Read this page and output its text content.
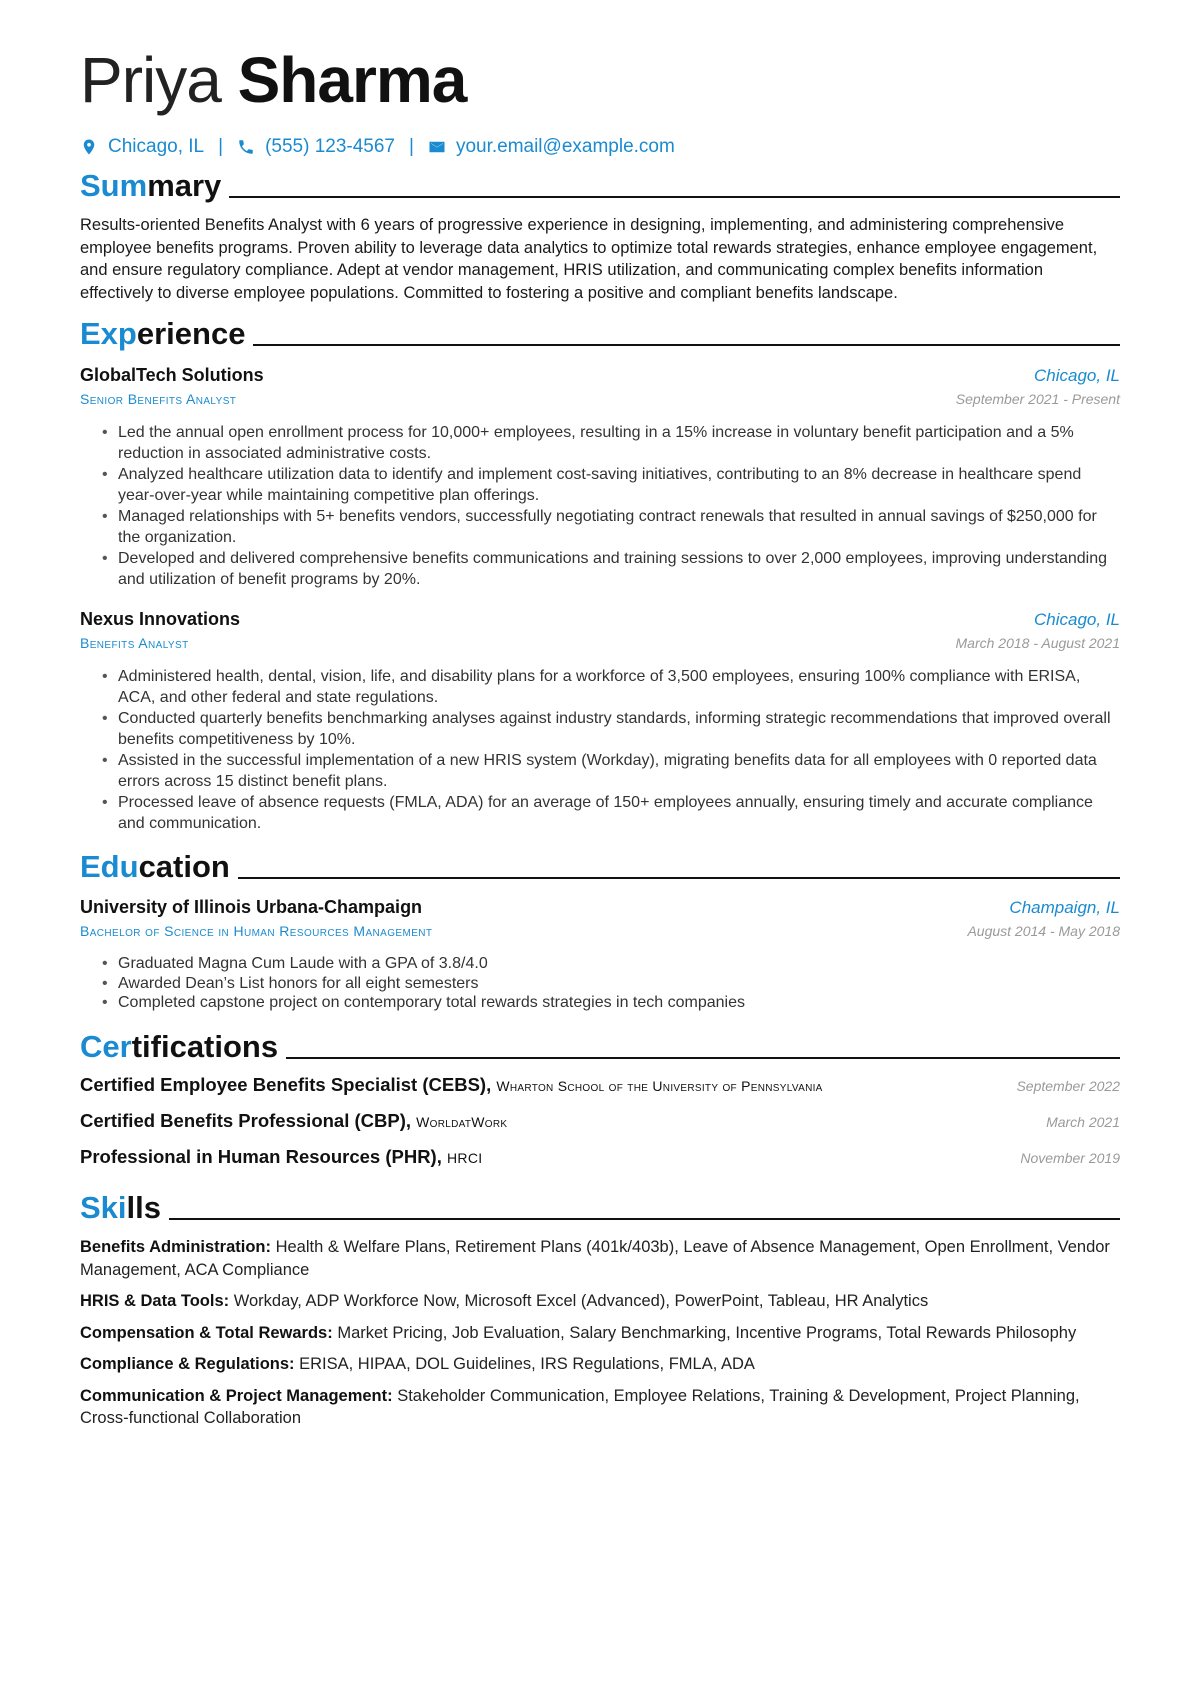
Priya Sharma
Chicago, IL | (555) 123-4567 | your.email@example.com
Summary
Results-oriented Benefits Analyst with 6 years of progressive experience in designing, implementing, and administering comprehensive employee benefits programs. Proven ability to leverage data analytics to optimize total rewards strategies, enhance employee engagement, and ensure regulatory compliance. Adept at vendor management, HRIS utilization, and communicating complex benefits information effectively to diverse employee populations. Committed to fostering a positive and compliant benefits landscape.
Experience
GlobalTech Solutions	Chicago, IL
Senior Benefits Analyst	September 2021 - Present
• Led the annual open enrollment process for 10,000+ employees, resulting in a 15% increase in voluntary benefit participation and a 5% reduction in associated administrative costs.
• Analyzed healthcare utilization data to identify and implement cost-saving initiatives, contributing to an 8% decrease in healthcare spend year-over-year while maintaining competitive plan offerings.
• Managed relationships with 5+ benefits vendors, successfully negotiating contract renewals that resulted in annual savings of $250,000 for the organization.
• Developed and delivered comprehensive benefits communications and training sessions to over 2,000 employees, improving understanding and utilization of benefit programs by 20%.
Nexus Innovations	Chicago, IL
Benefits Analyst	March 2018 - August 2021
• Administered health, dental, vision, life, and disability plans for a workforce of 3,500 employees, ensuring 100% compliance with ERISA, ACA, and other federal and state regulations.
• Conducted quarterly benefits benchmarking analyses against industry standards, informing strategic recommendations that improved overall benefits competitiveness by 10%.
• Assisted in the successful implementation of a new HRIS system (Workday), migrating benefits data for all employees with 0 reported data errors across 15 distinct benefit plans.
• Processed leave of absence requests (FMLA, ADA) for an average of 150+ employees annually, ensuring timely and accurate compliance and communication.
Education
University of Illinois Urbana-Champaign	Champaign, IL
Bachelor of Science in Human Resources Management	August 2014 - May 2018
• Graduated Magna Cum Laude with a GPA of 3.8/4.0
• Awarded Dean’s List honors for all eight semesters
• Completed capstone project on contemporary total rewards strategies in tech companies
Certifications
Certified Employee Benefits Specialist (CEBS), Wharton School of the University of Pennsylvania	September 2022
Certified Benefits Professional (CBP), WorldatWork	March 2021
Professional in Human Resources (PHR), HRCI	November 2019
Skills
Benefits Administration: Health & Welfare Plans, Retirement Plans (401k/403b), Leave of Absence Management, Open Enrollment, Vendor Management, ACA Compliance
HRIS & Data Tools: Workday, ADP Workforce Now, Microsoft Excel (Advanced), PowerPoint, Tableau, HR Analytics
Compensation & Total Rewards: Market Pricing, Job Evaluation, Salary Benchmarking, Incentive Programs, Total Rewards Philosophy
Compliance & Regulations: ERISA, HIPAA, DOL Guidelines, IRS Regulations, FMLA, ADA
Communication & Project Management: Stakeholder Communication, Employee Relations, Training & Development, Project Planning, Cross-functional Collaboration
